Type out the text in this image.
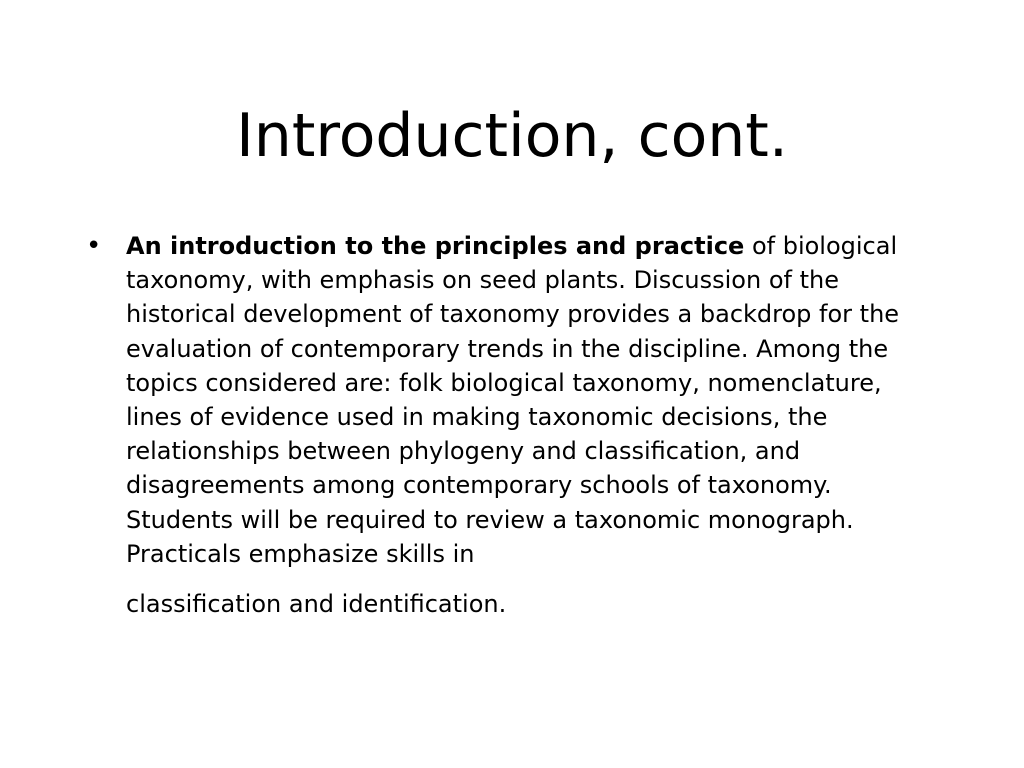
Introduction, cont.
•	An introduction to the principles and practice of biological taxonomy, with emphasis on seed plants. Discussion of the historical development of taxonomy provides a backdrop for the evaluation of contemporary trends in the discipline. Among the topics considered are: folk biological taxonomy, nomenclature, lines of evidence used in making taxonomic decisions, the relationships between phylogeny and classification, and disagreements among contemporary schools of taxonomy. Students will be required to review a taxonomic monograph. Practicals emphasize skills in
classification and identification.
